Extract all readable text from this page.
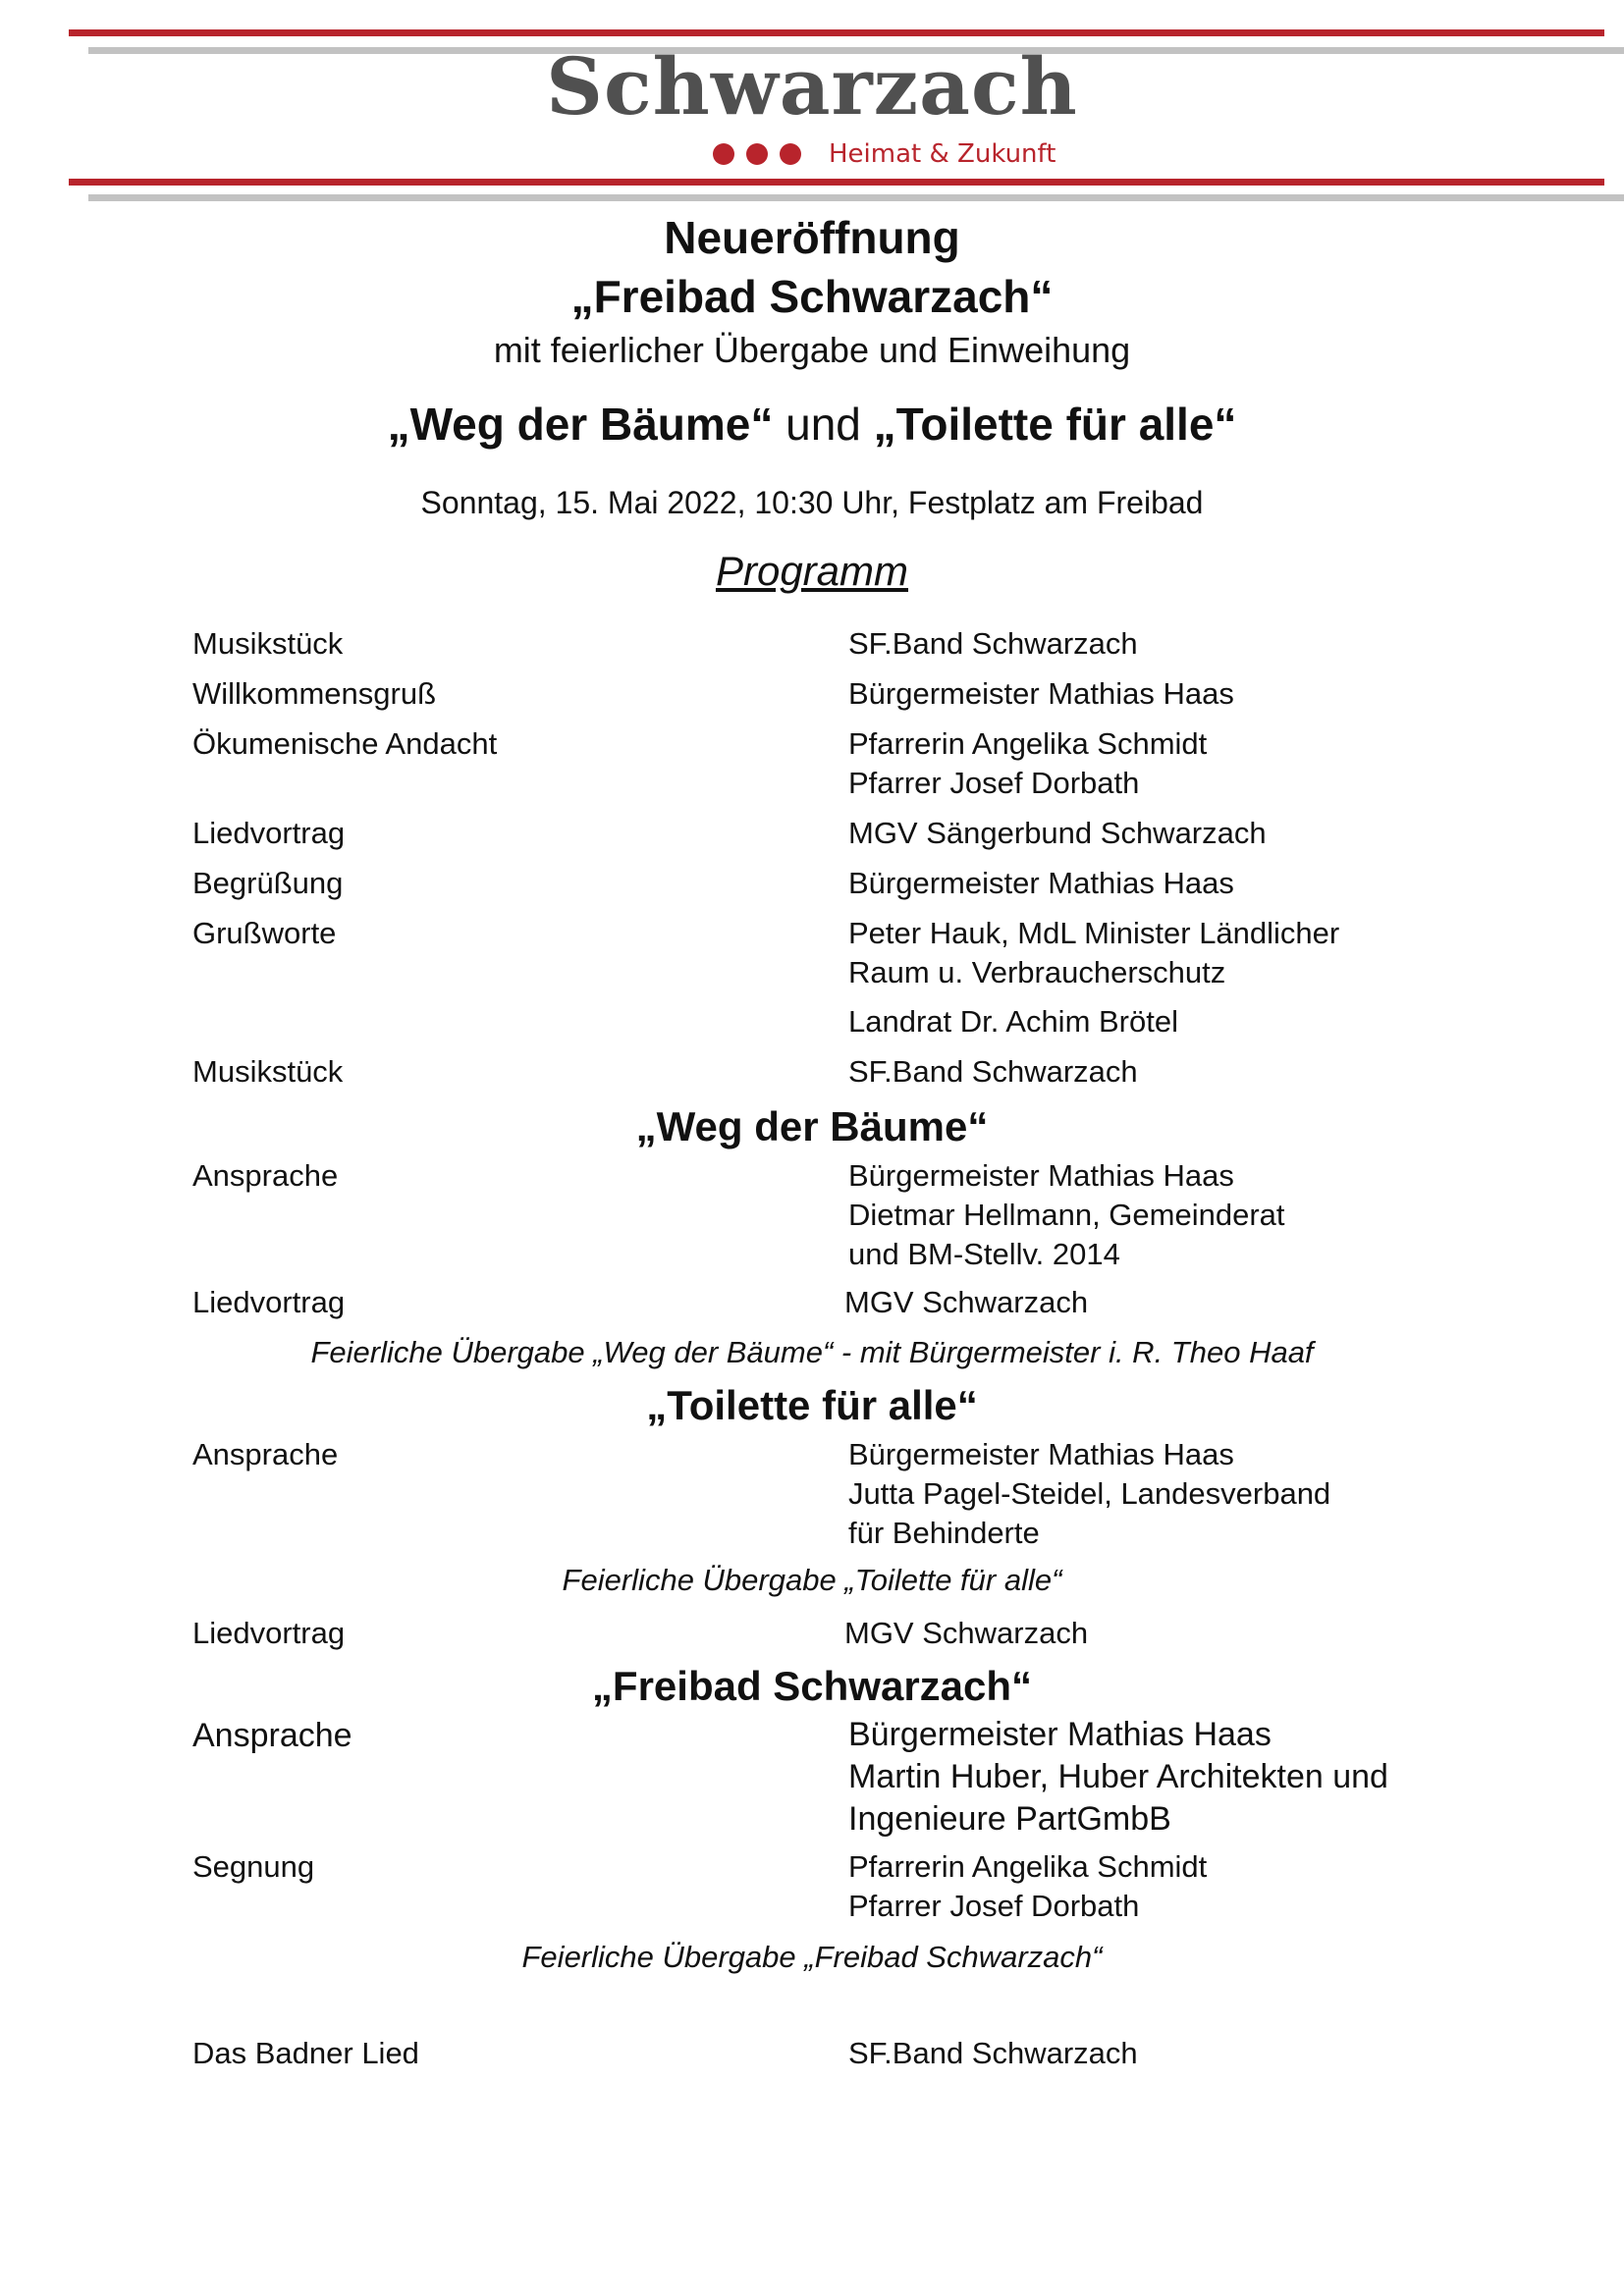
Schwarzach
Heimat & Zukunft
Neueröffnung
„Freibad Schwarzach“
mit feierlicher Übergabe und Einweihung
„Weg der Bäume“ und „Toilette für alle“
Sonntag, 15. Mai 2022, 10:30 Uhr, Festplatz am Freibad
Programm
Musikstück	SF.Band Schwarzach
Willkommensgruß	Bürgermeister Mathias Haas
Ökumenische Andacht	Pfarrerin Angelika Schmidt
Pfarrer Josef Dorbath
Liedvortrag	MGV Sängerbund Schwarzach
Begrüßung	Bürgermeister Mathias Haas
Grußworte	Peter Hauk, MdL Minister Ländlicher
Raum u. Verbraucherschutz
Landrat Dr. Achim Brötel
Musikstück	SF.Band Schwarzach
„Weg der Bäume“
Ansprache	Bürgermeister Mathias Haas
Dietmar Hellmann, Gemeinderat
und BM-Stellv. 2014
Liedvortrag	MGV Schwarzach
Feierliche Übergabe „Weg der Bäume“ - mit Bürgermeister i. R. Theo Haaf
„Toilette für alle“
Ansprache	Bürgermeister Mathias Haas
Jutta Pagel-Steidel, Landesverband
für Behinderte
Feierliche Übergabe „Toilette für alle“
Liedvortrag	MGV Schwarzach
„Freibad Schwarzach“
Ansprache	Bürgermeister Mathias Haas
Martin Huber, Huber Architekten und
Ingenieure PartGmbB
Segnung	Pfarrerin Angelika Schmidt
Pfarrer Josef Dorbath
Feierliche Übergabe „Freibad Schwarzach“
Das Badner Lied	SF.Band Schwarzach
